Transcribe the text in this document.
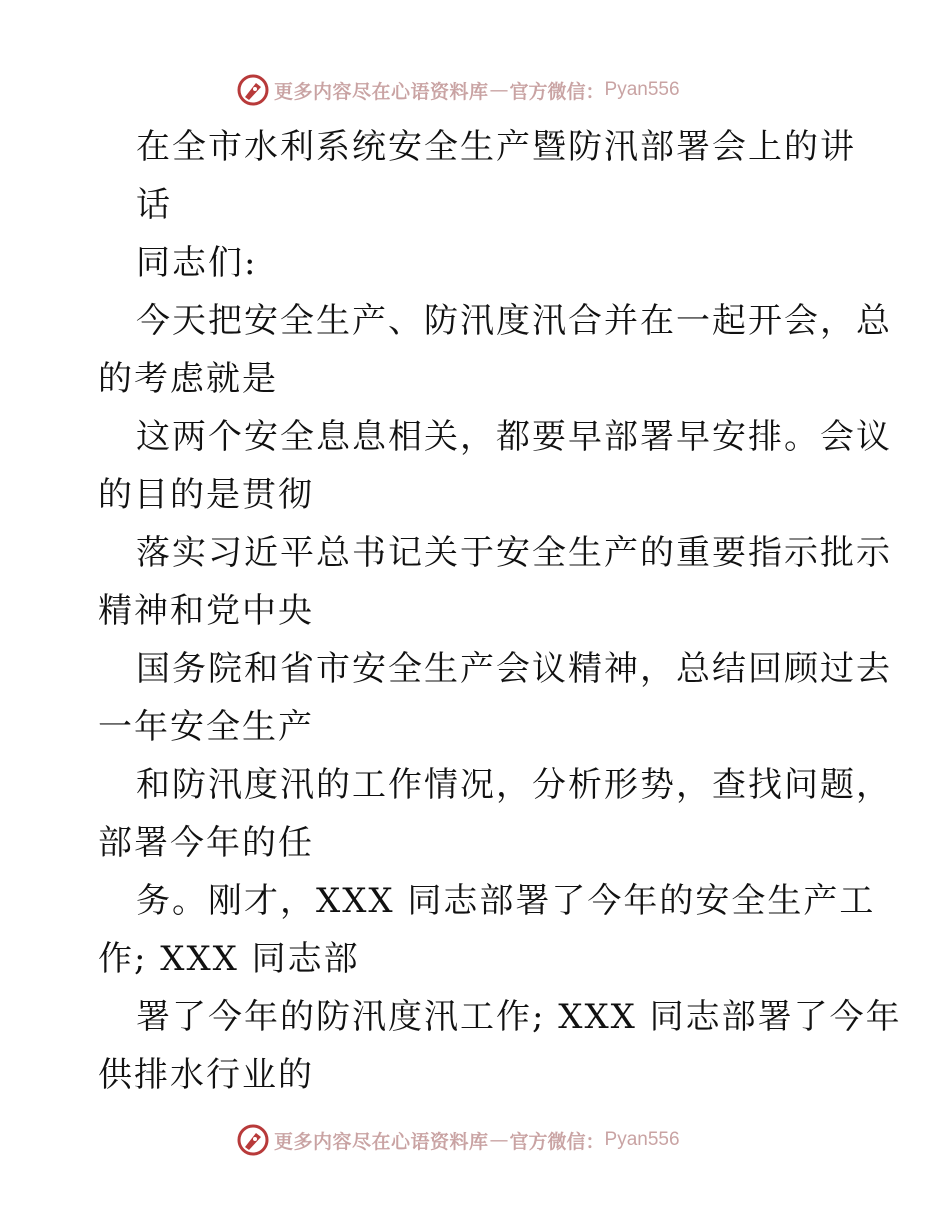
更多内容尽在心语资料库 — 官方微信： Pyan556
在全市水利系统安全生产暨防汛部署会上的讲
话
同志们:
今天把安全生产、防汛度汛合并在一起开会，总
的考虑就是
这两个安全息息相关，都要早部署早安排。会议
的目的是贯彻
落实习近平总书记关于安全生产的重要指示批示
精神和党中央
国务院和省市安全生产会议精神，总结回顾过去
一年安全生产
和防汛度汛的工作情况，分析形势，查找问题，
部署今年的任
务。刚才，XXX 同志部署了今年的安全生产工
作; XXX 同志部
署了今年的防汛度汛工作; XXX 同志部署了今年
供排水行业的
更多内容尽在心语资料库 — 官方微信： Pyan556
